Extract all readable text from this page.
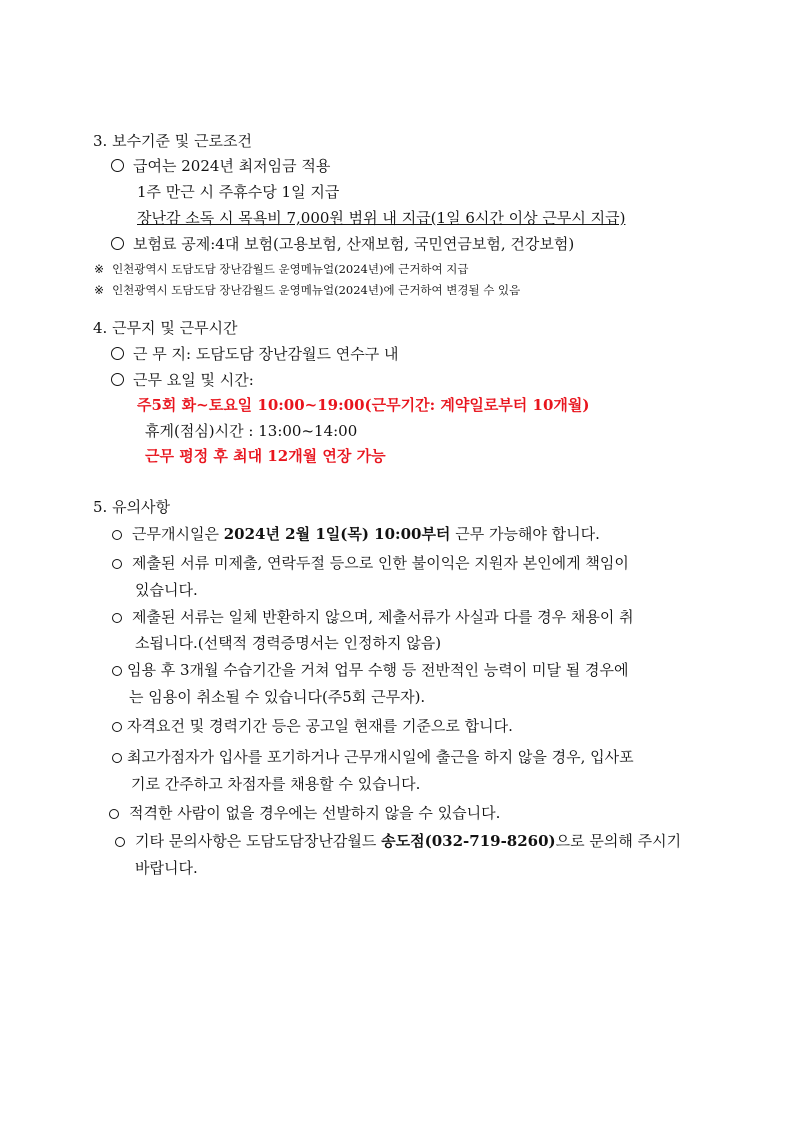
3. 보수기준 및 근로조건
급여는 2024년 최저임금 적용
1주 만근 시 주휴수당 1일 지급
장난감 소독 시 목욕비 7,000원 범위 내 지급(1일 6시간 이상 근무시 지급)
보험료 공제:4대 보험(고용보험, 산재보험, 국민연금보험, 건강보험)
※ 인천광역시 도담도담 장난감월드 운영메뉴얼(2024년)에 근거하여 지급
※ 인천광역시 도담도담 장난감월드 운영메뉴얼(2024년)에 근거하여 변경될 수 있음
4. 근무지 및 근무시간
근 무 지: 도담도담 장난감월드 연수구 내
근무 요일 및 시간:
주5회 화~토요일 10:00~19:00(근무기간: 계약일로부터 10개월)
휴게(점심)시간 : 13:00~14:00
근무 평정 후 최대 12개월 연장 가능
5. 유의사항
근무개시일은 2024년 2월 1일(목) 10:00부터 근무 가능해야 합니다.
제출된 서류 미제출, 연락두절 등으로 인한 불이익은 지원자 본인에게 책임이
있습니다.
제출된 서류는 일체 반환하지 않으며, 제출서류가 사실과 다를 경우 채용이 취
소됩니다.(선택적 경력증명서는 인정하지 않음)
임용 후 3개월 수습기간을 거쳐 업무 수행 등 전반적인 능력이 미달 될 경우에
는 임용이 취소될 수 있습니다(주5회 근무자).
자격요건 및 경력기간 등은 공고일 현재를 기준으로 합니다.
최고가점자가 입사를 포기하거나 근무개시일에 출근을 하지 않을 경우, 입사포
기로 간주하고 차점자를 채용할 수 있습니다.
적격한 사람이 없을 경우에는 선발하지 않을 수 있습니다.
기타 문의사항은 도담도담장난감월드 송도점(032-719-8260)으로 문의해 주시기
바랍니다.
